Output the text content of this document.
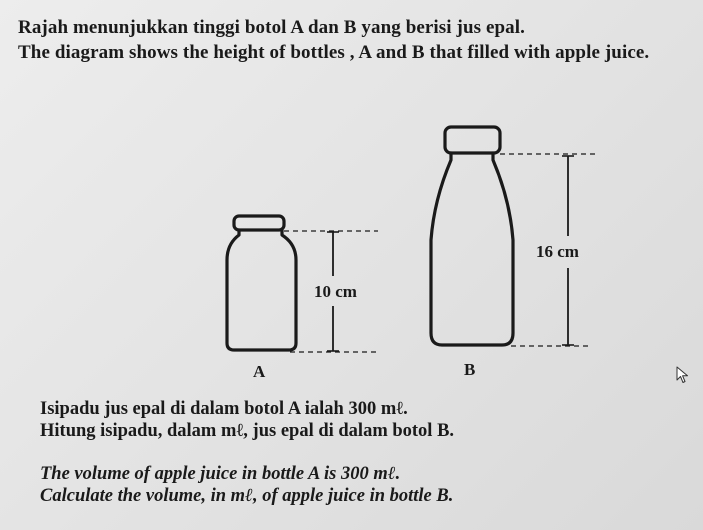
Rajah menunjukkan tinggi botol A dan B yang berisi jus epal.
The diagram shows the height of bottles , A and B that filled with apple juice.
10 cm
16 cm
A	B
Isipadu jus epal di dalam botol A ialah 300 mℓ.
Hitung isipadu, dalam mℓ, jus epal di dalam botol B.
The volume of apple juice in bottle A is 300 mℓ.
Calculate the volume, in mℓ, of apple juice in bottle B.
